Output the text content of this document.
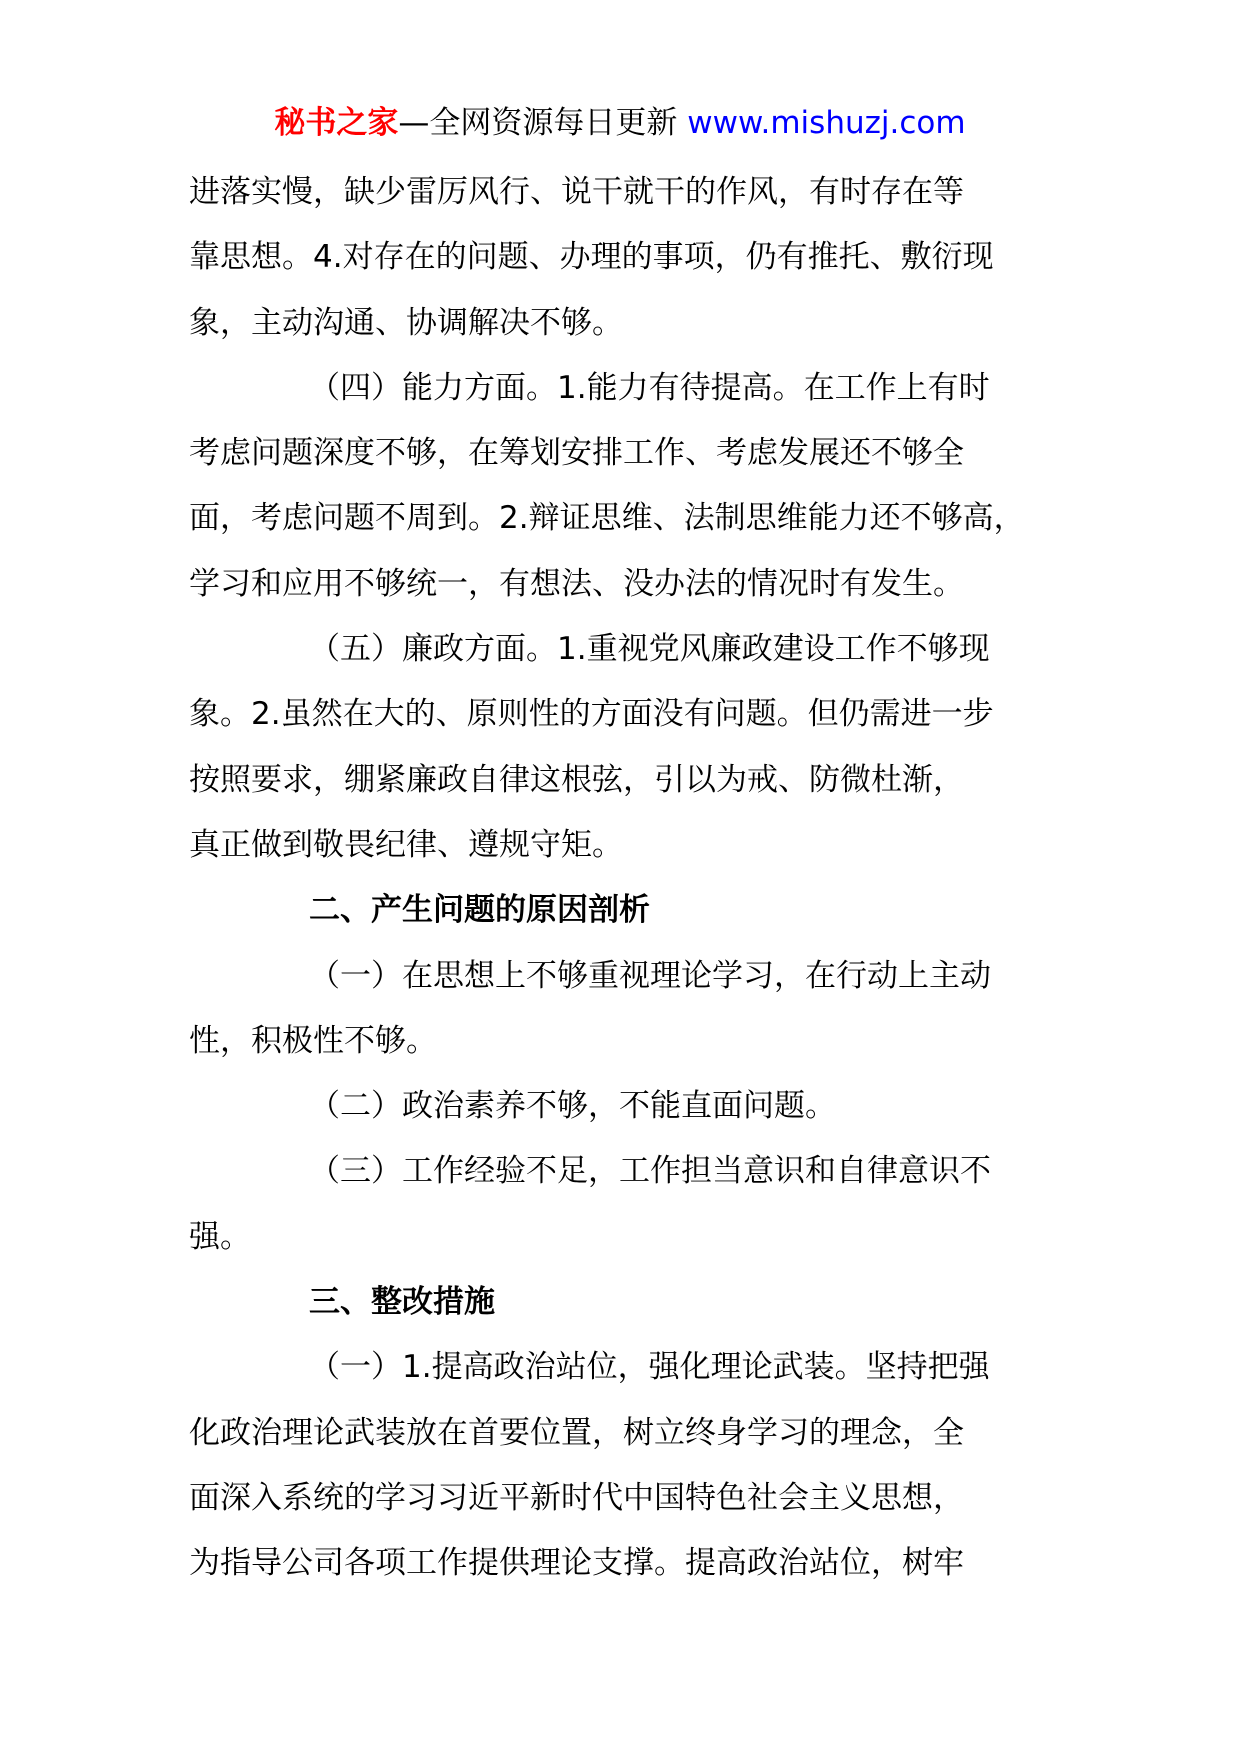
秘书之家—全网资源每日更新 www.mishuzj.com
进落实慢，缺少雷厉风行、说干就干的作风，有时存在等
靠思想。4.对存在的问题、办理的事项，仍有推托、敷衍现
象，主动沟通、协调解决不够。
（四）能力方面。1.能力有待提高。在工作上有时
考虑问题深度不够，在筹划安排工作、考虑发展还不够全
面，考虑问题不周到。2.辩证思维、法制思维能力还不够高，
学习和应用不够统一，有想法、没办法的情况时有发生。
（五）廉政方面。1.重视党风廉政建设工作不够现
象。2.虽然在大的、原则性的方面没有问题。但仍需进一步
按照要求，绷紧廉政自律这根弦，引以为戒、防微杜渐，
真正做到敬畏纪律、遵规守矩。
二、产生问题的原因剖析
（一）在思想上不够重视理论学习，在行动上主动
性，积极性不够。
（二）政治素养不够，不能直面问题。
（三）工作经验不足，工作担当意识和自律意识不
强。
三、整改措施
（一）1.提高政治站位，强化理论武装。坚持把强
化政治理论武装放在首要位置，树立终身学习的理念，全
面深入系统的学习习近平新时代中国特色社会主义思想，
为指导公司各项工作提供理论支撑。提高政治站位，树牢
